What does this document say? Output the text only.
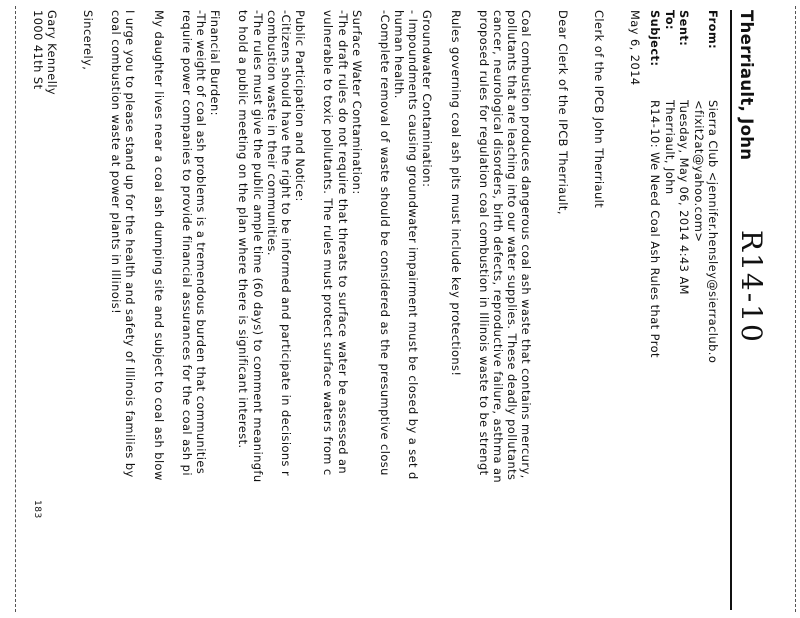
R14-10
Therriault, John
From:
Sierra Club <jennifer.hensley@sierraclub.o
<fixit2at@yahoo.com>
Sent:
Tuesday, May 06, 2014 4:43 AM
To:
Therriault, John
Subject:
R14-10: We Need Coal Ash Rules that Prot
May 6, 2014
Clerk of the IPCB John Therriault
Dear Clerk of the IPCB Therriault,
Coal combustion produces dangerous coal ash waste that contains mercury,
pollutants that are leaching into our water supplies. These deadly pollutants
cancer, neurological disorders, birth defects, reproductive failure, asthma an
proposed rules for regulation coal combustion in Illinois waste to be strengt
Rules governing coal ash pits must include key protections!
Groundwater Contamination:
- Impoundments causing groundwater impairment must be closed by a set d
human health.
-Complete removal of waste should be considered as the presumptive closu
Surface Water Contamination:
-The draft rules do not require that threats to surface water be assessed an
vulnerable to toxic pollutants. The rules must protect surface waters from c
Public Participation and Notice:
-Citizens should have the right to be informed and participate in decisions r
combustion waste in their communities.
-The rules must give the public ample time (60 days) to comment meaningfu
to hold a public meeting on the plan where there is significant interest.
Financial Burden:
-The weight of coal ash problems is a tremendous burden that communities
require power companies to provide financial assurances for the coal ash pi
My daughter lives near a coal ash dumping site and subject to coal ash blow
I urge you to please stand up for the health and safety of Illinois families by
coal combustion waste at power plants in Illinois!
Sincerely,
Gary Kennelly
1000 41th St
183
